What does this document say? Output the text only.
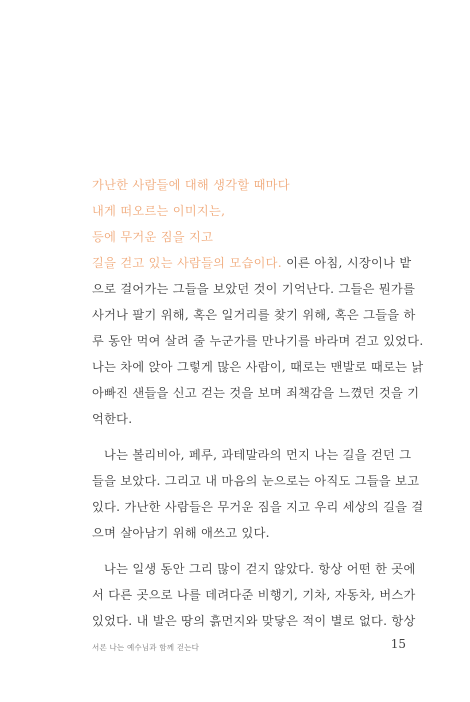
가난한 사람들에 대해 생각할 때마다
내게 떠오르는 이미지는,
등에 무거운 짐을 지고
길을 걷고 있는 사람들의 모습이다. 이른 아침, 시장이나 밭
으로 걸어가는 그들을 보았던 것이 기억난다. 그들은 뭔가를
사거나 팔기 위해, 혹은 일거리를 찾기 위해, 혹은 그들을 하
루 동안 먹여 살려 줄 누군가를 만나기를 바라며 걷고 있었다.
나는 차에 앉아 그렇게 많은 사람이, 때로는 맨발로 때로는 낡
아빠진 샌들을 신고 걷는 것을 보며 죄책감을 느꼈던 것을 기
억한다.
나는 볼리비아, 페루, 과테말라의 먼지 나는 길을 걷던 그
들을 보았다. 그리고 내 마음의 눈으로는 아직도 그들을 보고
있다. 가난한 사람들은 무거운 짐을 지고 우리 세상의 길을 걸
으며 살아남기 위해 애쓰고 있다.
나는 일생 동안 그리 많이 걷지 않았다. 항상 어떤 한 곳에
서 다른 곳으로 나를 데려다준 비행기, 기차, 자동차, 버스가
있었다. 내 발은 땅의 흙먼지와 맞닿은 적이 별로 없다. 항상
서론 나는 예수님과 함께 걷는다	15
